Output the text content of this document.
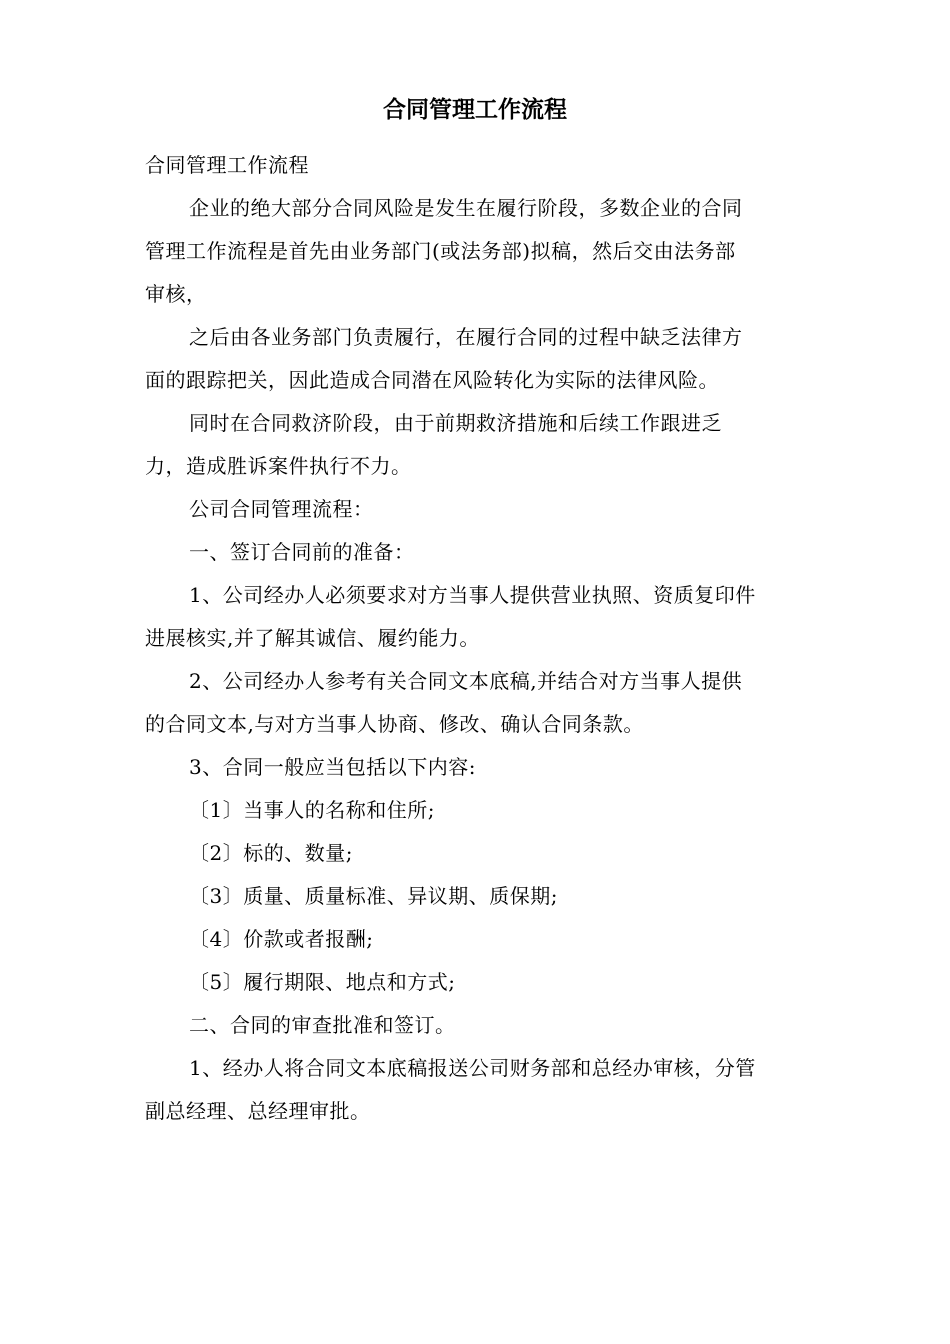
合同管理工作流程

合同管理工作流程

企业的绝大部分合同风险是发生在履行阶段，多数企业的合同

管理工作流程是首先由业务部门(或法务部)拟稿，然后交由法务部

审核，

之后由各业务部门负责履行，在履行合同的过程中缺乏法律方

面的跟踪把关，因此造成合同潜在风险转化为实际的法律风险。

同时在合同救济阶段，由于前期救济措施和后续工作跟进乏

力，造成胜诉案件执行不力。

公司合同管理流程：

一、签订合同前的准备：

1、公司经办人必须要求对方当事人提供营业执照、资质复印件

进展核实,并了解其诚信、履约能力。

2、公司经办人参考有关合同文本底稿,并结合对方当事人提供

的合同文本,与对方当事人协商、修改、确认合同条款。

3、合同一般应当包括以下内容:

〔1〕当事人的名称和住所;

〔2〕标的、数量;

〔3〕质量、质量标准、异议期、质保期;

〔4〕价款或者报酬;

〔5〕履行期限、地点和方式;

二、合同的审查批准和签订。

1、经办人将合同文本底稿报送公司财务部和总经办审核，分管

副总经理、总经理审批。
